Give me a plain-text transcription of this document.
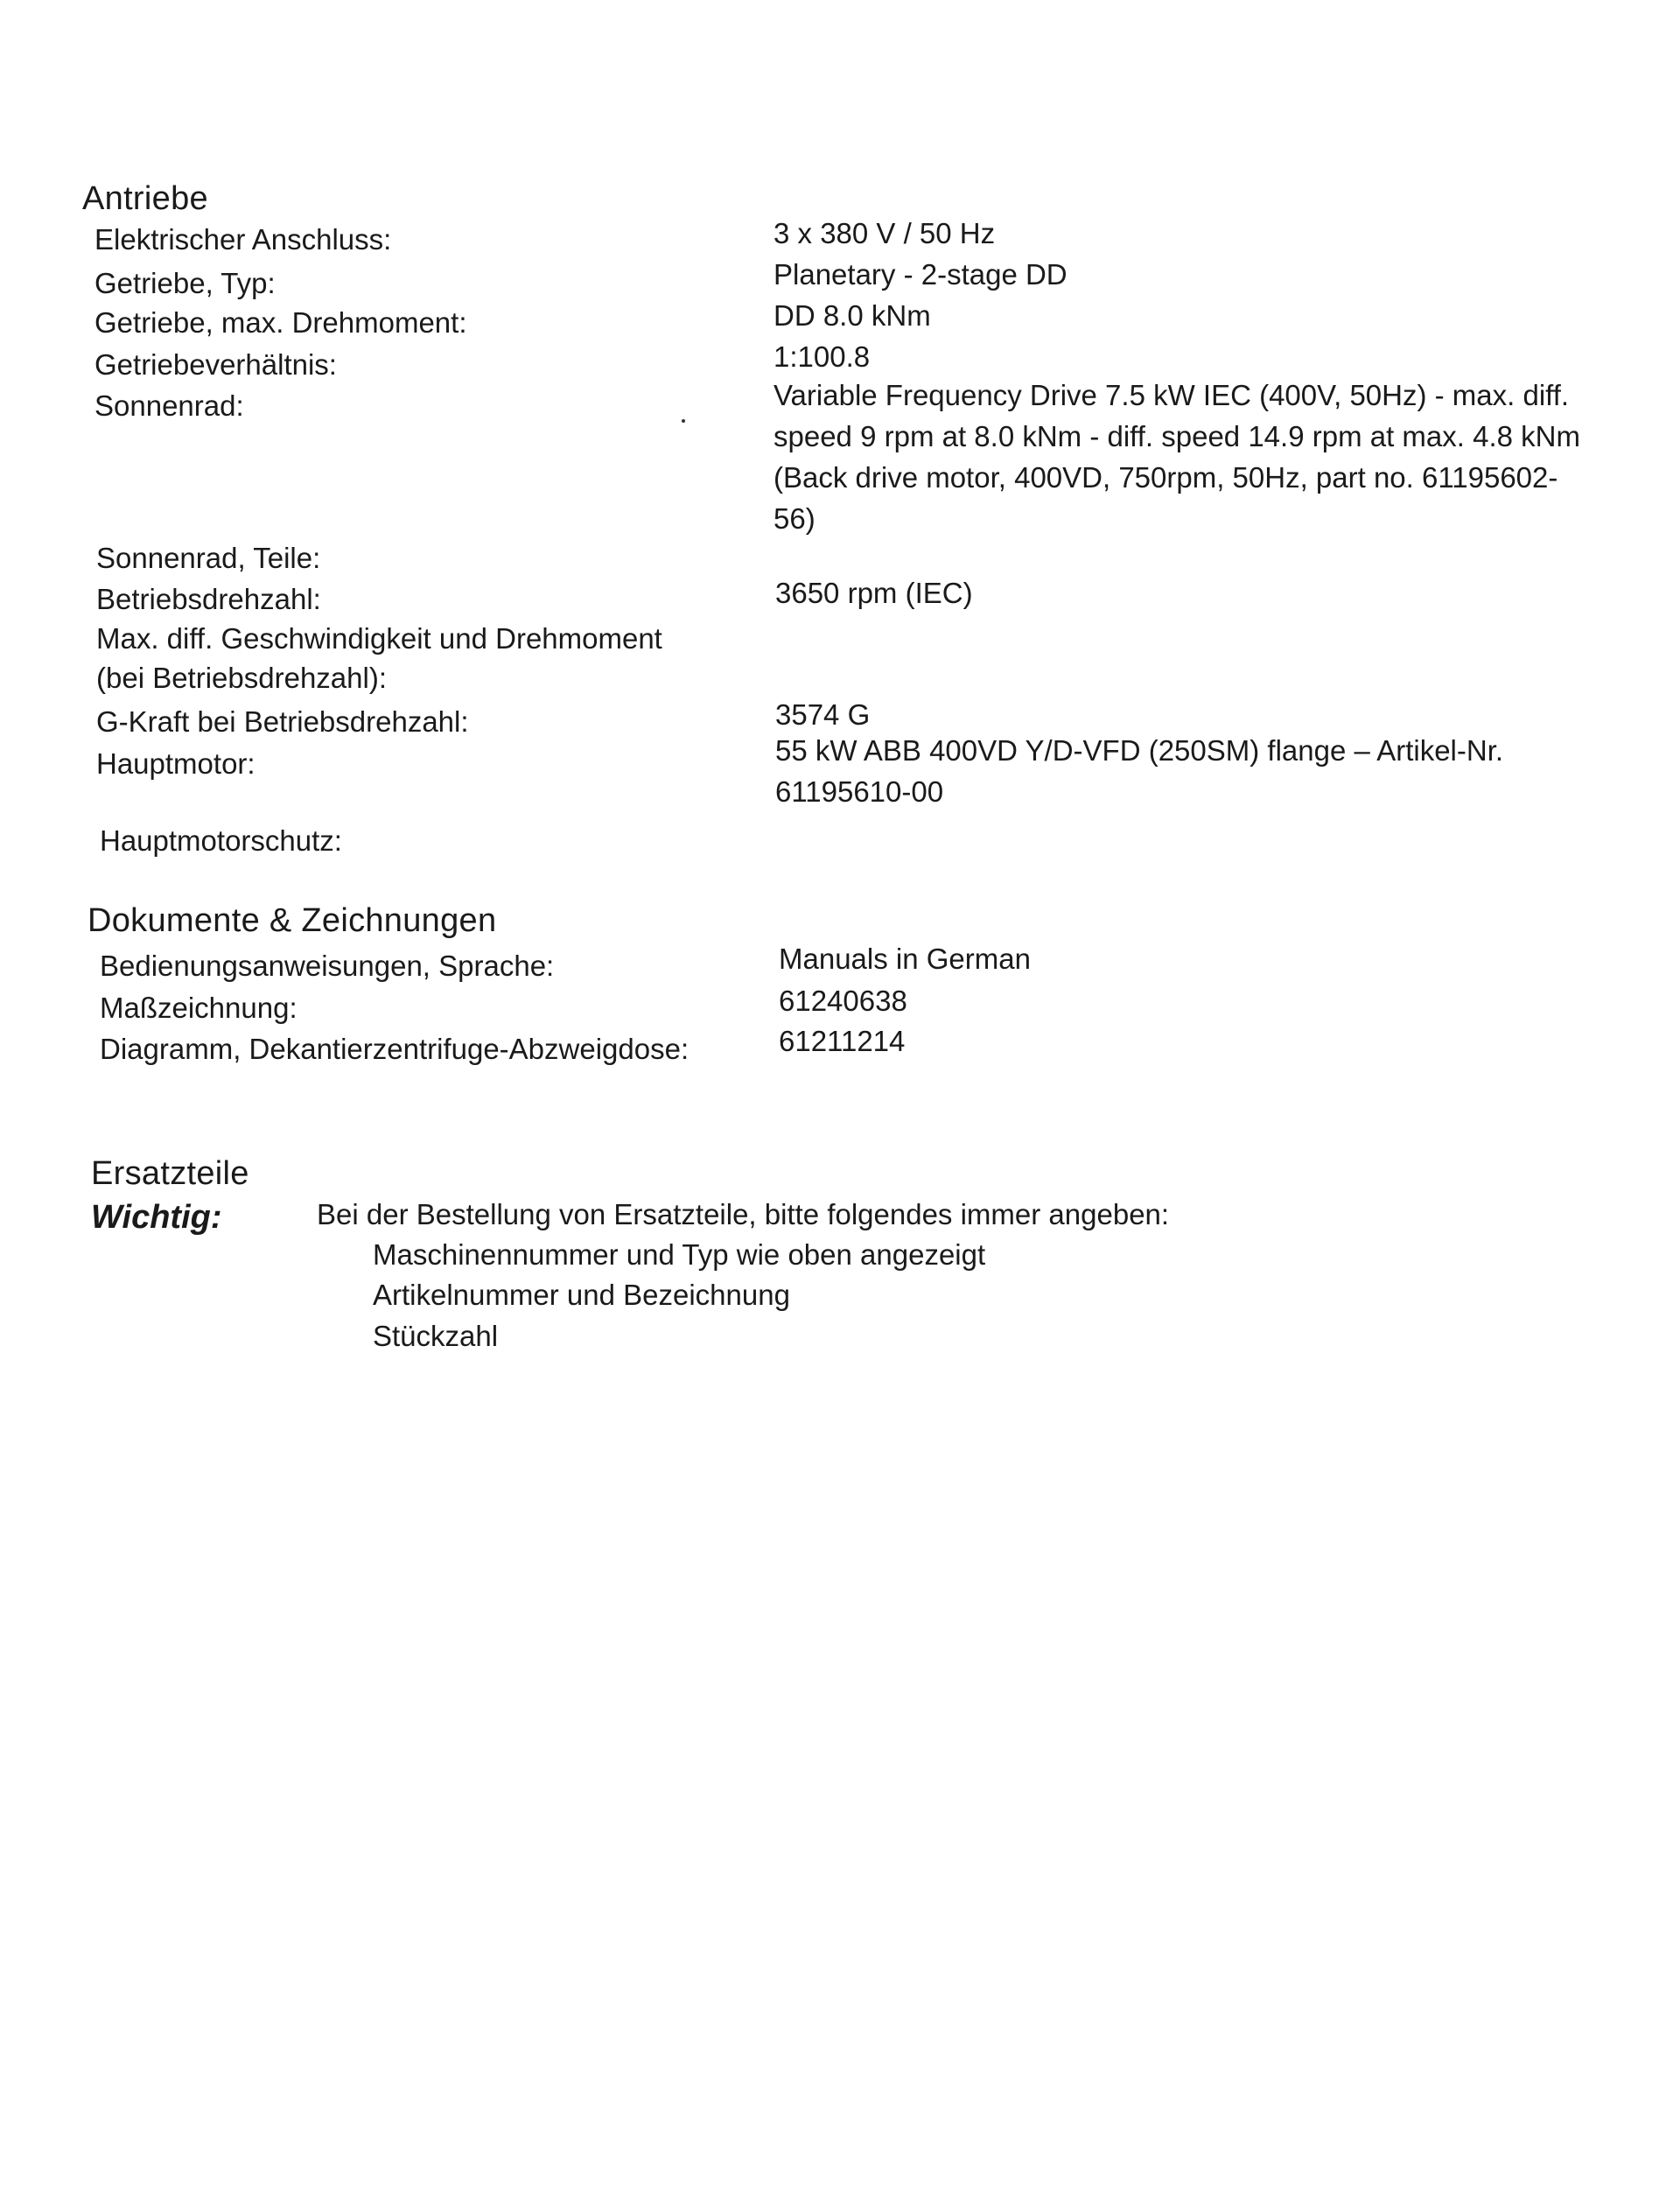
Antriebe
Elektrischer Anschluss:	3 x 380 V / 50 Hz
Getriebe, Typ:	Planetary - 2-stage DD
Getriebe, max. Drehmoment:	DD 8.0 kNm
Getriebeverhältnis:	1:100.8
Sonnenrad:	Variable Frequency Drive 7.5 kW IEC (400V, 50Hz) - max. diff. speed 9 rpm at 8.0 kNm - diff. speed 14.9 rpm at max. 4.8 kNm (Back drive motor, 400VD, 750rpm, 50Hz, part no. 61195602-56)
Sonnenrad, Teile:
Betriebsdrehzahl:	3650 rpm (IEC)
Max. diff. Geschwindigkeit und Drehmoment
(bei Betriebsdrehzahl):
G-Kraft bei Betriebsdrehzahl:	3574 G
Hauptmotor:	55 kW ABB 400VD Y/D-VFD (250SM) flange – Artikel-Nr. 61195610-00
Hauptmotorschutz:
Dokumente & Zeichnungen
Bedienungsanweisungen, Sprache:	Manuals in German
Maßzeichnung:	61240638
Diagramm, Dekantierzentrifuge-Abzweigdose:	61211214
Ersatzteile
Wichtig:	Bei der Bestellung von Ersatzteile, bitte folgendes immer angeben:
Maschinennummer und Typ wie oben angezeigt
Artikelnummer und Bezeichnung
Stückzahl
